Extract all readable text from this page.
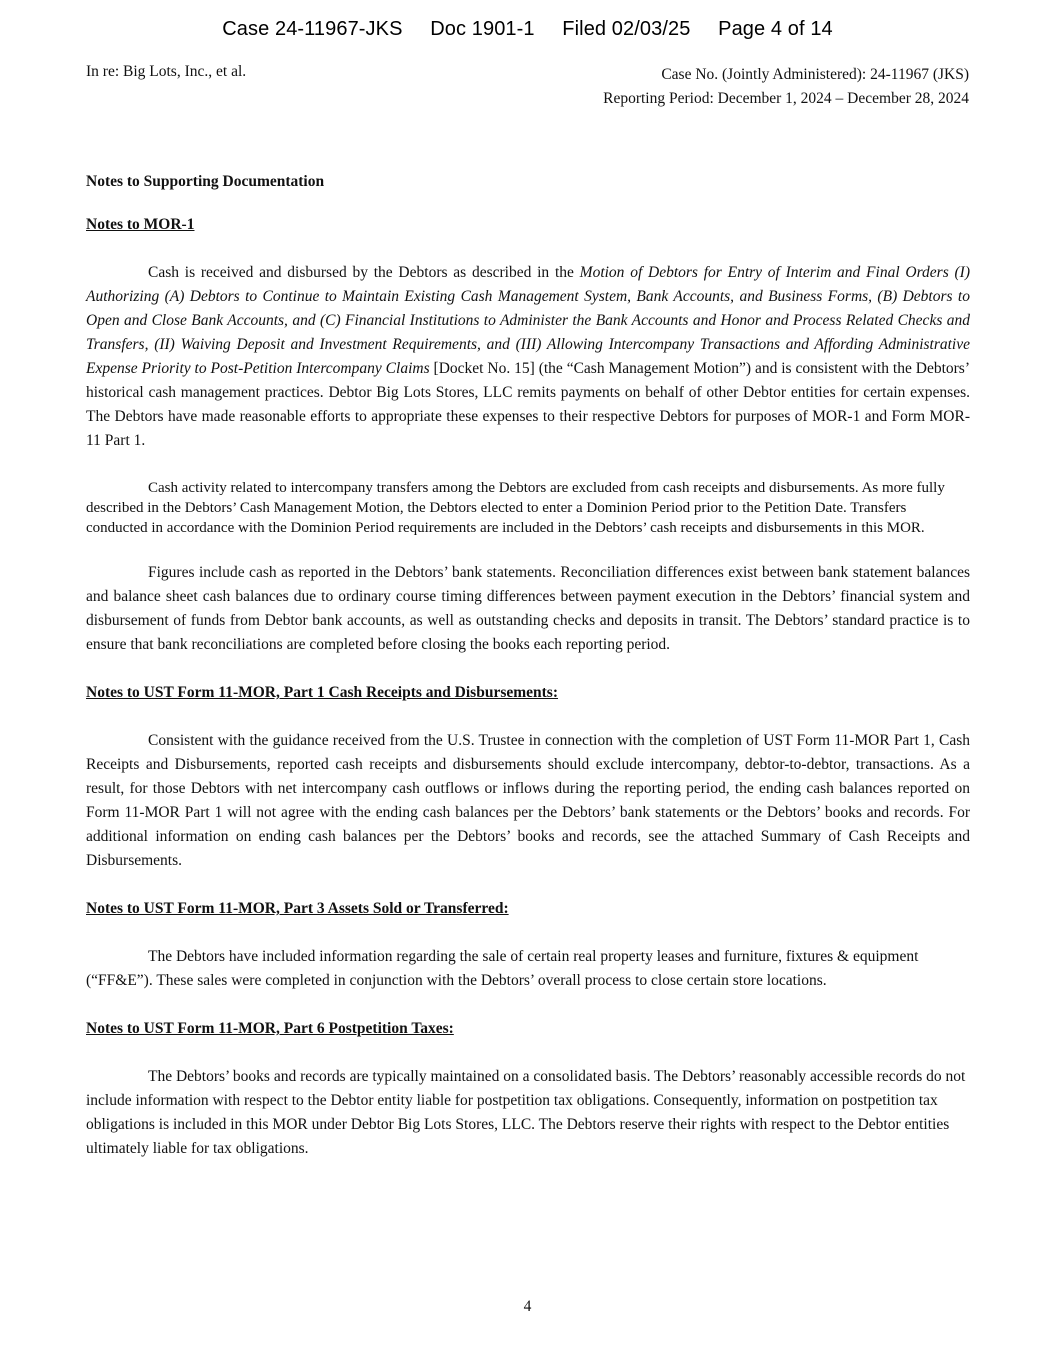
Case 24-11967-JKS Doc 1901-1 Filed 02/03/25 Page 4 of 14
In re: Big Lots, Inc., et al.	Case No. (Jointly Administered): 24-11967 (JKS)
Reporting Period: December 1, 2024 – December 28, 2024

Notes to Supporting Documentation

Notes to MOR-1

Cash is received and disbursed by the Debtors as described in the Motion of Debtors for Entry of Interim and Final Orders (I) Authorizing (A) Debtors to Continue to Maintain Existing Cash Management System, Bank Accounts, and Business Forms, (B) Debtors to Open and Close Bank Accounts, and (C) Financial Institutions to Administer the Bank Accounts and Honor and Process Related Checks and Transfers, (II) Waiving Deposit and Investment Requirements, and (III) Allowing Intercompany Transactions and Affording Administrative Expense Priority to Post-Petition Intercompany Claims [Docket No. 15] (the “Cash Management Motion”) and is consistent with the Debtors’ historical cash management practices. Debtor Big Lots Stores, LLC remits payments on behalf of other Debtor entities for certain expenses. The Debtors have made reasonable efforts to appropriate these expenses to their respective Debtors for purposes of MOR-1 and Form MOR-11 Part 1.

Cash activity related to intercompany transfers among the Debtors are excluded from cash receipts and disbursements. As more fully described in the Debtors’ Cash Management Motion, the Debtors elected to enter a Dominion Period prior to the Petition Date. Transfers conducted in accordance with the Dominion Period requirements are included in the Debtors’ cash receipts and disbursements in this MOR.

Figures include cash as reported in the Debtors’ bank statements. Reconciliation differences exist between bank statement balances and balance sheet cash balances due to ordinary course timing differences between payment execution in the Debtors’ financial system and disbursement of funds from Debtor bank accounts, as well as outstanding checks and deposits in transit. The Debtors’ standard practice is to ensure that bank reconciliations are completed before closing the books each reporting period.

Notes to UST Form 11-MOR, Part 1 Cash Receipts and Disbursements:

Consistent with the guidance received from the U.S. Trustee in connection with the completion of UST Form 11-MOR Part 1, Cash Receipts and Disbursements, reported cash receipts and disbursements should exclude intercompany, debtor-to-debtor, transactions. As a result, for those Debtors with net intercompany cash outflows or inflows during the reporting period, the ending cash balances reported on Form 11-MOR Part 1 will not agree with the ending cash balances per the Debtors’ bank statements or the Debtors’ books and records. For additional information on ending cash balances per the Debtors’ books and records, see the attached Summary of Cash Receipts and Disbursements.

Notes to UST Form 11-MOR, Part 3 Assets Sold or Transferred:

The Debtors have included information regarding the sale of certain real property leases and furniture, fixtures & equipment (“FF&E”). These sales were completed in conjunction with the Debtors’ overall process to close certain store locations.

Notes to UST Form 11-MOR, Part 6 Postpetition Taxes:

The Debtors’ books and records are typically maintained on a consolidated basis. The Debtors’ reasonably accessible records do not include information with respect to the Debtor entity liable for postpetition tax obligations. Consequently, information on postpetition tax obligations is included in this MOR under Debtor Big Lots Stores, LLC. The Debtors reserve their rights with respect to the Debtor entities ultimately liable for tax obligations.

4
